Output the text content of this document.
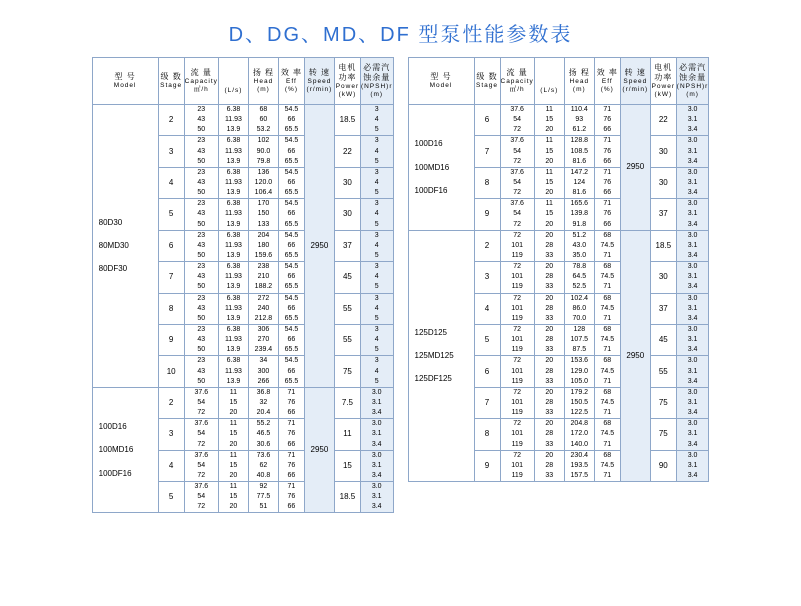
D、DG、MD、DF 型泵性能参数表
型 号
Model	级 数
Stage	流 量
Capacity
㎥/h	(L/s)	扬 程
Head
(m)	效 率
Eff
(%)	转 速
Speed
(r/min)	电机功率
Power
(kW)	必需汽蚀余量
(NPSH)r
(m)

80D30

80MD30

80DF30	2	23
43
50	6.38
11.93
13.9	68
60
53.2	54.5
66
65.5	2950	18.5	3
4
5

	3	23
43
50	6.38
11.93
13.9	102
90.0
79.8	54.5
66
65.5		22	3
4
5

	4	23
43
50	6.38
11.93
13.9	136
120.0
106.4	54.5
66
65.5		30	3
4
5

	5	23
43
50	6.38
11.93
13.9	170
150
133	54.5
66
65.5		30	3
4
5

	6	23
43
50	6.38
11.93
13.9	204
180
159.6	54.5
66
65.5		37	3
4
5

	7	23
43
50	6.38
11.93
13.9	238
210
188.2	54.5
66
65.5		45	3
4
5

	8	23
43
50	6.38
11.93
13.9	272
240
212.8	54.5
66
65.5		55	3
4
5

	9	23
43
50	6.38
11.93
13.9	306
270
239.4	54.5
66
65.5		55	3
4
5

	10	23
43
50	6.38
11.93
13.9	34
300
266	54.5
66
65.5		75	3
4
5

100D16

100MD16

100DF16	2	37.6
54
72	11
15
20	36.8
32
20.4	71
76
66	2950	7.5	3.0
3.1
3.4

	3	37.6
54
72	11
15
20	55.2
46.5
30.6	71
76
66		11	3.0
3.1
3.4

	4	37.6
54
72	11
15
20	73.6
62
40.8	71
76
66		15	3.0
3.1
3.4

	5	37.6
54
72	11
15
20	92
77.5
51	71
76
66		18.5	3.0
3.1
3.4
型 号
Model	级 数
Stage	流 量
Capacity
㎥/h	(L/s)	扬 程
Head
(m)	效 率
Eff
(%)	转 速
Speed
(r/min)	电机功率
Power
(kW)	必需汽蚀余量
(NPSH)r
(m)

100D16

100MD16

100DF16	6	37.6
54
72	11
15
20	110.4
93
61.2	71
76
66	2950	22	3.0
3.1
3.4

	7	37.6
54
72	11
15
20	128.8
108.5
81.6	71
76
66		30	3.0
3.1
3.4

	8	37.6
54
72	11
15
20	147.2
124
81.6	71
76
66		30	3.0
3.1
3.4

	9	37.6
54
72	11
15
20	165.6
139.8
91.8	71
76
66		37	3.0
3.1
3.4

125D125

125MD125

125DF125	2	72
101
119	20
28
33	51.2
43.0
35.0	68
74.5
71	2950	18.5	3.0
3.1
3.4

	3	72
101
119	20
28
33	78.8
64.5
52.5	68
74.5
71		30	3.0
3.1
3.4

	4	72
101
119	20
28
33	102.4
86.0
70.0	68
74.5
71		37	3.0
3.1
3.4

	5	72
101
119	20
28
33	128
107.5
87.5	68
74.5
71		45	3.0
3.1
3.4

	6	72
101
119	20
28
33	153.6
129.0
105.0	68
74.5
71		55	3.0
3.1
3.4

	7	72
101
119	20
28
33	179.2
150.5
122.5	68
74.5
71		75	3.0
3.1
3.4

	8	72
101
119	20
28
33	204.8
172.0
140.0	68
74.5
71		75	3.0
3.1
3.4

	9	72
101
119	20
28
33	230.4
193.5
157.5	68
74.5
71		90	3.0
3.1
3.4
